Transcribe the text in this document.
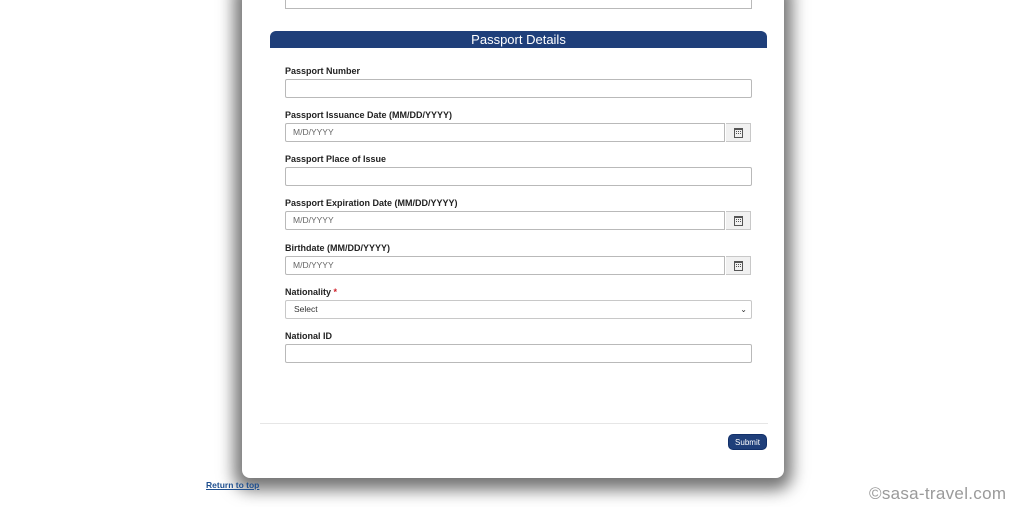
Passport Details
Passport Number
Passport Issuance Date (MM/DD/YYYY)
M/D/YYYY
Passport Place of Issue
Passport Expiration Date (MM/DD/YYYY)
M/D/YYYY
Birthdate (MM/DD/YYYY)
M/D/YYYY
Nationality *
Select	⌄
National ID
Submit
Return to top	©sasa-travel.com
